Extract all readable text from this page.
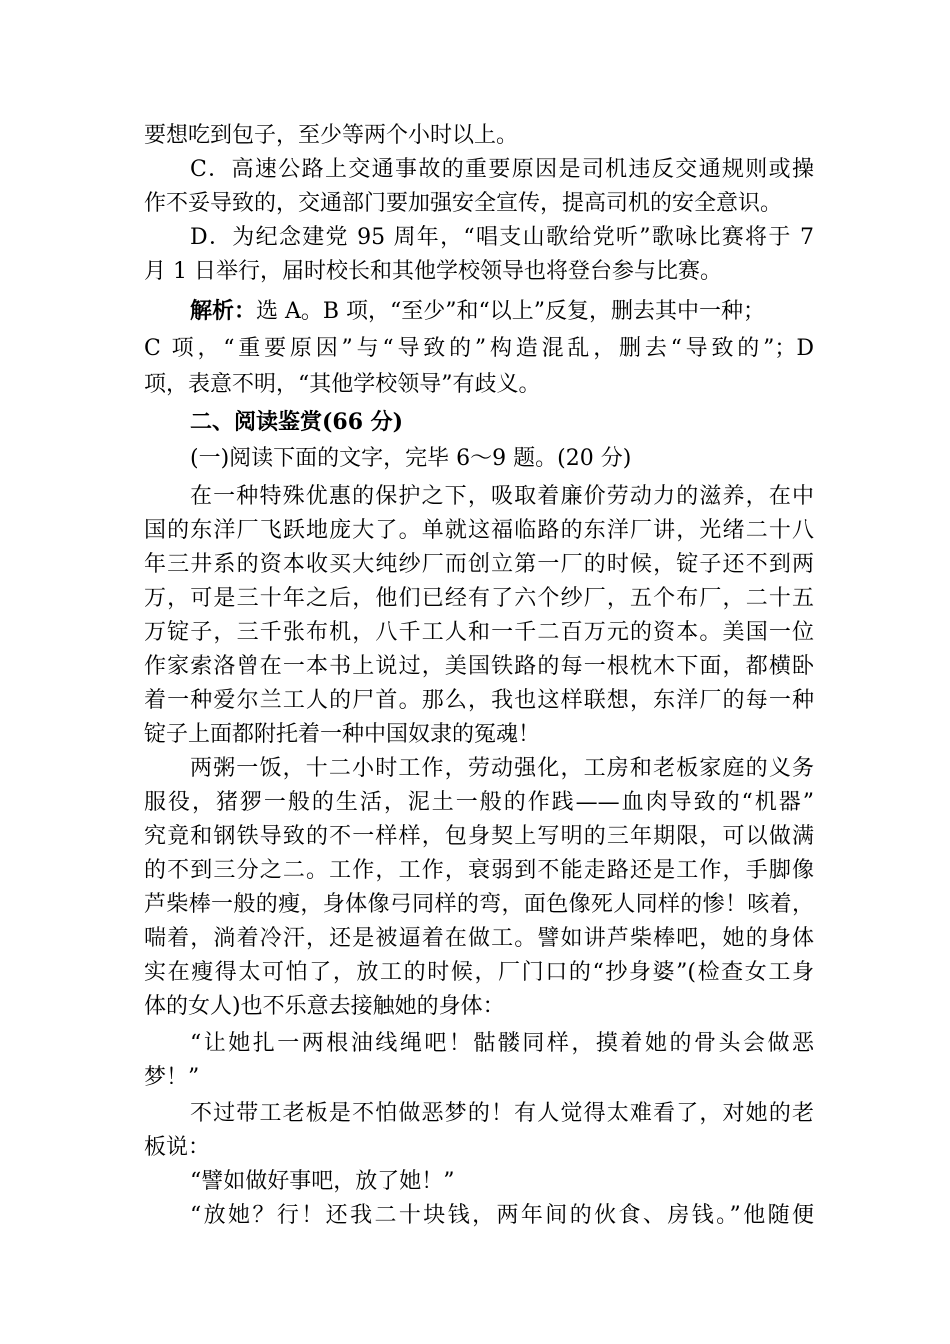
要想吃到包子，至少等两个小时以上。
C．高速公路上交通事故的重要原因是司机违反交通规则或操
作不妥导致的，交通部门要加强安全宣传，提高司机的安全意识。
D．为纪念建党 95 周年，“唱支山歌给党听”歌咏比赛将于 7
月 1 日举行，届时校长和其他学校领导也将登台参与比赛。
解析：选 A。B 项，“至少”和“以上”反复，删去其中一种；
C 项，“重要原因”与“导致的”构造混乱，删去“导致的”；D
项，表意不明，“其他学校领导”有歧义。
二、阅读鉴赏(66 分)
(一)阅读下面的文字，完毕 6～9 题。(20 分)
在一种特殊优惠的保护之下，吸取着廉价劳动力的滋养，在中
国的东洋厂飞跃地庞大了。单就这福临路的东洋厂讲，光绪二十八
年三井系的资本收买大纯纱厂而创立第一厂的时候，锭子还不到两
万，可是三十年之后，他们已经有了六个纱厂，五个布厂，二十五
万锭子，三千张布机，八千工人和一千二百万元的资本。美国一位
作家索洛曾在一本书上说过，美国铁路的每一根枕木下面，都横卧
着一种爱尔兰工人的尸首。那么，我也这样联想，东洋厂的每一种
锭子上面都附托着一种中国奴隶的冤魂！
两粥一饭，十二小时工作，劳动强化，工房和老板家庭的义务
服役，猪猡一般的生活，泥土一般的作践——血肉导致的“机器”
究竟和钢铁导致的不一样样，包身契上写明的三年期限，可以做满
的不到三分之二。工作，工作，衰弱到不能走路还是工作，手脚像
芦柴棒一般的瘦，身体像弓同样的弯，面色像死人同样的惨！咳着，
喘着，淌着冷汗，还是被逼着在做工。譬如讲芦柴棒吧，她的身体
实在瘦得太可怕了，放工的时候，厂门口的“抄身婆”(检查女工身
体的女人)也不乐意去接触她的身体：
“让她扎一两根油线绳吧！骷髅同样，摸着她的骨头会做恶
梦！”
不过带工老板是不怕做恶梦的！有人觉得太难看了，对她的老
板说：
“譬如做好事吧，放了她！”
“放她？行！还我二十块钱，两年间的伙食、房钱。”他随便
